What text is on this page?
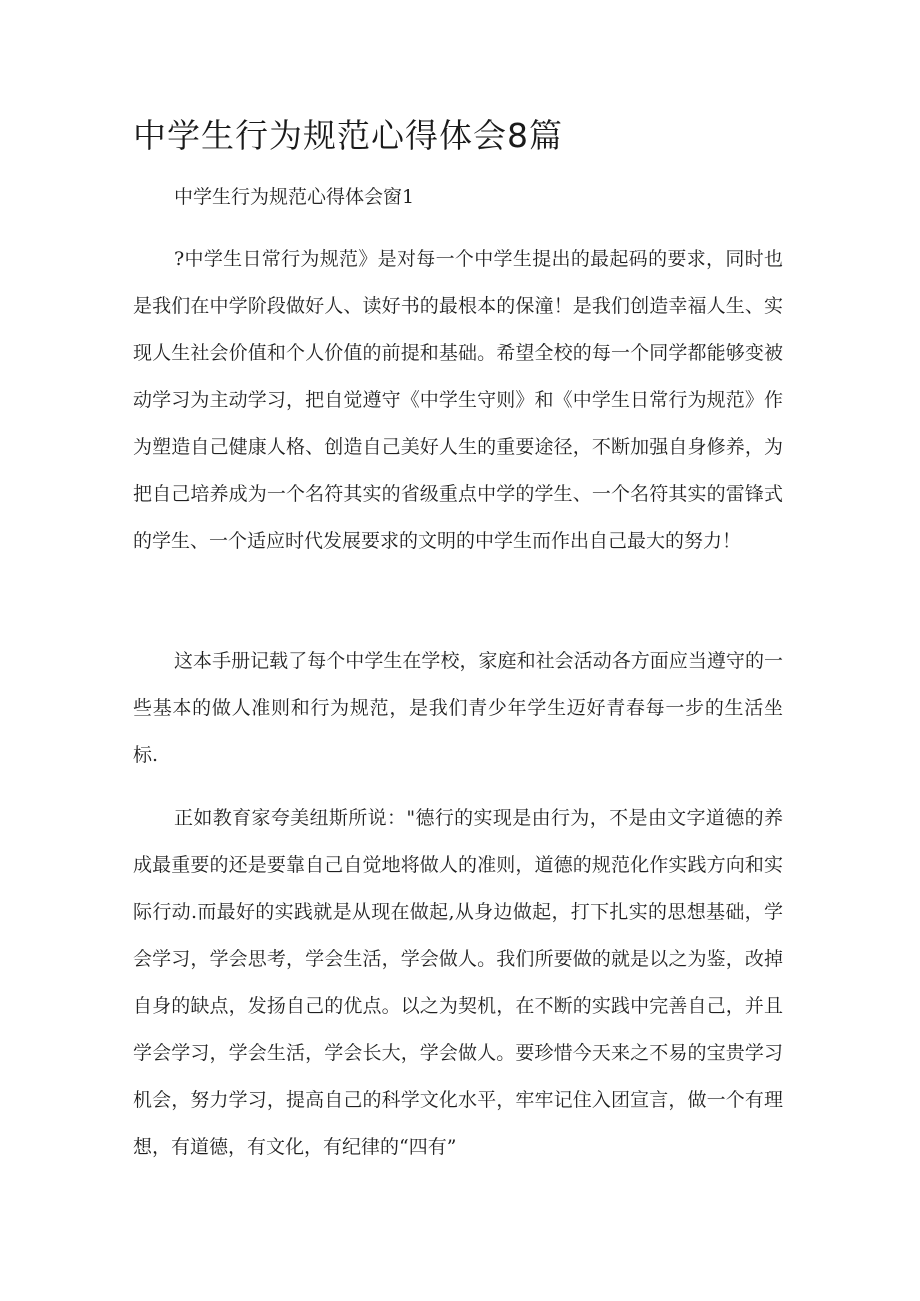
中学生行为规范心得体会8篇

中学生行为规范心得体会窗1

?中学生日常行为规范》是对每一个中学生提出的最起码的要求，同时也是我们在中学阶段做好人、读好书的最根本的保潼！是我们创造幸福人生、实现人生社会价值和个人价值的前提和基础。希望全校的每一个同学都能够变被动学习为主动学习，把自觉遵守《中学生守则》和《中学生日常行为规范》作为塑造自己健康人格、创造自己美好人生的重要途径，不断加强自身修养，为把自己培养成为一个名符其实的省级重点中学的学生、一个名符其实的雷锋式的学生、一个适应时代发展要求的文明的中学生而作出自己最大的努力！

这本手册记载了每个中学生在学校，家庭和社会活动各方面应当遵守的一些基本的做人准则和行为规范，是我们青少年学生迈好青春每一步的生活坐标.

正如教育家夸美纽斯所说："德行的实现是由行为，不是由文字道德的养成最重要的还是要靠自己自觉地将做人的准则，道德的规范化作实践方向和实际行动.而最好的实践就是从现在做起,从身边做起，打下扎实的思想基础，学会学习，学会思考，学会生活，学会做人。我们所要做的就是以之为鉴，改掉自身的缺点，发扬自己的优点。以之为契机，在不断的实践中完善自己，并且学会学习，学会生活，学会长大，学会做人。要珍惜今天来之不易的宝贵学习机会，努力学习，提高自己的科学文化水平，牢牢记住入团宣言，做一个有理想，有道德，有文化，有纪律的“四有”
